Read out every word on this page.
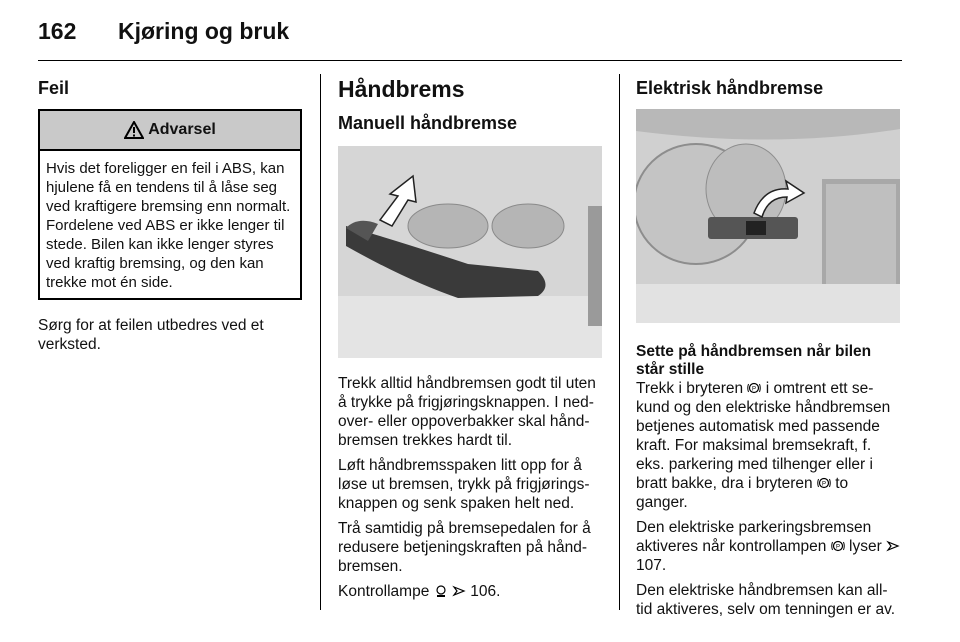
162 Kjøring og bruk
Feil
Advarsel
Hvis det foreligger en feil i ABS, kan hjulene få en tendens til å låse seg ved kraftigere bremsing enn normalt. Fordelene ved ABS er ikke lenger til stede. Bilen kan ikke lenger styres ved kraftig bremsing, og den kan trekke mot én side.

Sørg for at feilen utbedres ved et verksted.

Håndbrems
Manuell håndbremse

Trekk alltid håndbremsen godt til uten å trykke på frigjøringsknappen. I ned- over- eller oppoverbakker skal hånd- bremsen trekkes hardt til.

Løft håndbremsspaken litt opp for å løse ut bremsen, trykk på frigjørings- knappen og senk spaken helt ned.

Trå samtidig på bremsepedalen for å redusere betjeningskraften på hånd- bremsen.

Kontrollampe	106.

Elektrisk håndbremse

Sette på håndbremsen når bilen står stille

Trekk i bryteren P i omtrent ett se- kund og den elektriske håndbremsen betjenes automatisk med passende kraft. For maksimal bremsekraft, f. eks. parkering med tilhenger eller i bratt bakke, dra i bryteren P to ganger.

Den elektriske parkeringsbremsen aktiveres når kontrollampen P lyser  107.

Den elektriske håndbremsen kan all- tid aktiveres, selv om tenningen er av.
